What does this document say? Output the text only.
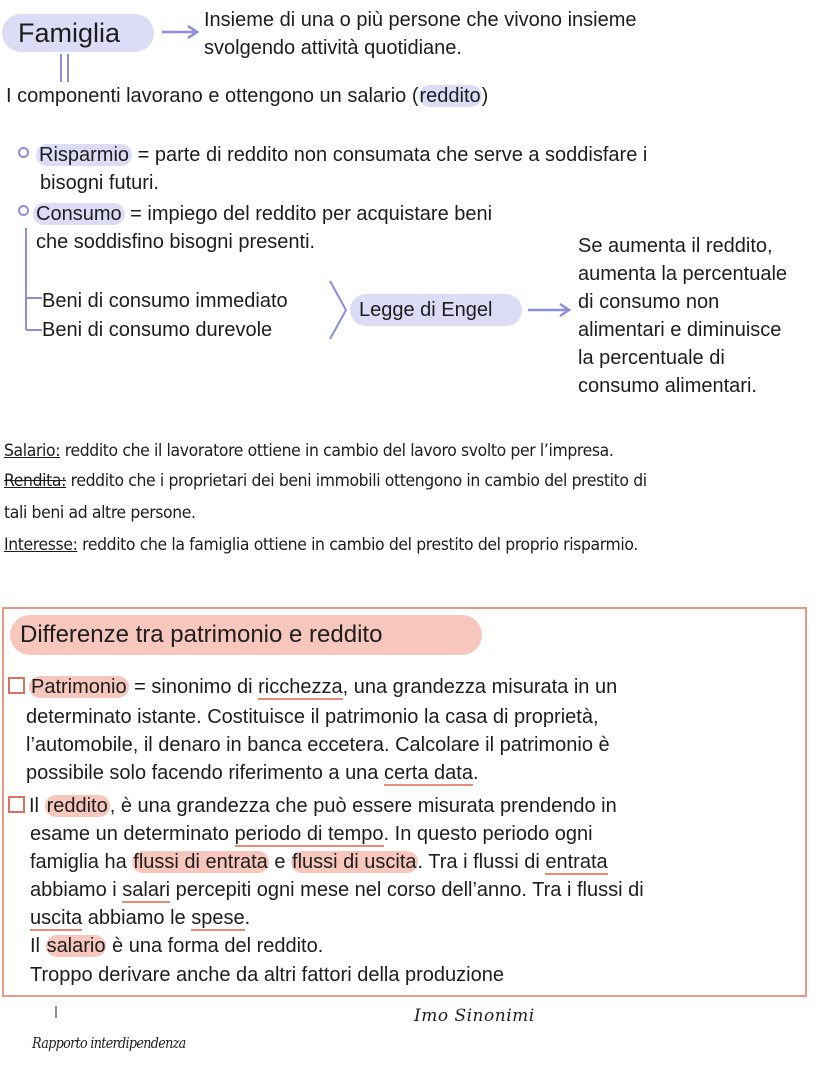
Famiglia	Insieme di una o più persone che vivono insieme
svolgendo attività quotidiane.
I componenti lavorano e ottengono un salario (reddito)
Risparmio = parte di reddito non consumata che serve a soddisfare i
bisogni futuri.
Consumo = impiego del reddito per acquistare beni
che soddisfino bisogni presenti.
Beni di consumo immediato
Beni di consumo durevole
Legge di Engel
Se aumenta il reddito,
aumenta la percentuale
di consumo non
alimentari e diminuisce
la percentuale di
consumo alimentari.
Salario: reddito che il lavoratore ottiene in cambio del lavoro svolto per l’impresa.
Rendita: reddito che i proprietari dei beni immobili ottengono in cambio del prestito di
tali beni ad altre persone.
Interesse: reddito che la famiglia ottiene in cambio del prestito del proprio risparmio.
Differenze tra patrimonio e reddito
Patrimonio = sinonimo di ricchezza, una grandezza misurata in un
determinato istante. Costituisce il patrimonio la casa di proprietà,
l’automobile, il denaro in banca eccetera. Calcolare il patrimonio è
possibile solo facendo riferimento a una certa data.
Il reddito , è una grandezza che può essere misurata prendendo in
esame un determinato periodo di tempo. In questo periodo ogni
famiglia ha flussi di entrata e flussi di uscita. Tra i flussi di entrata
abbiamo i salari percepiti ogni mese nel corso dell’anno. Tra i flussi di
uscita abbiamo le spese.
Il salario è una forma del reddito.
Troppo derivare anche da altri fattori della produzione
Rapporto interdipendenza
Imo Sinonimi
